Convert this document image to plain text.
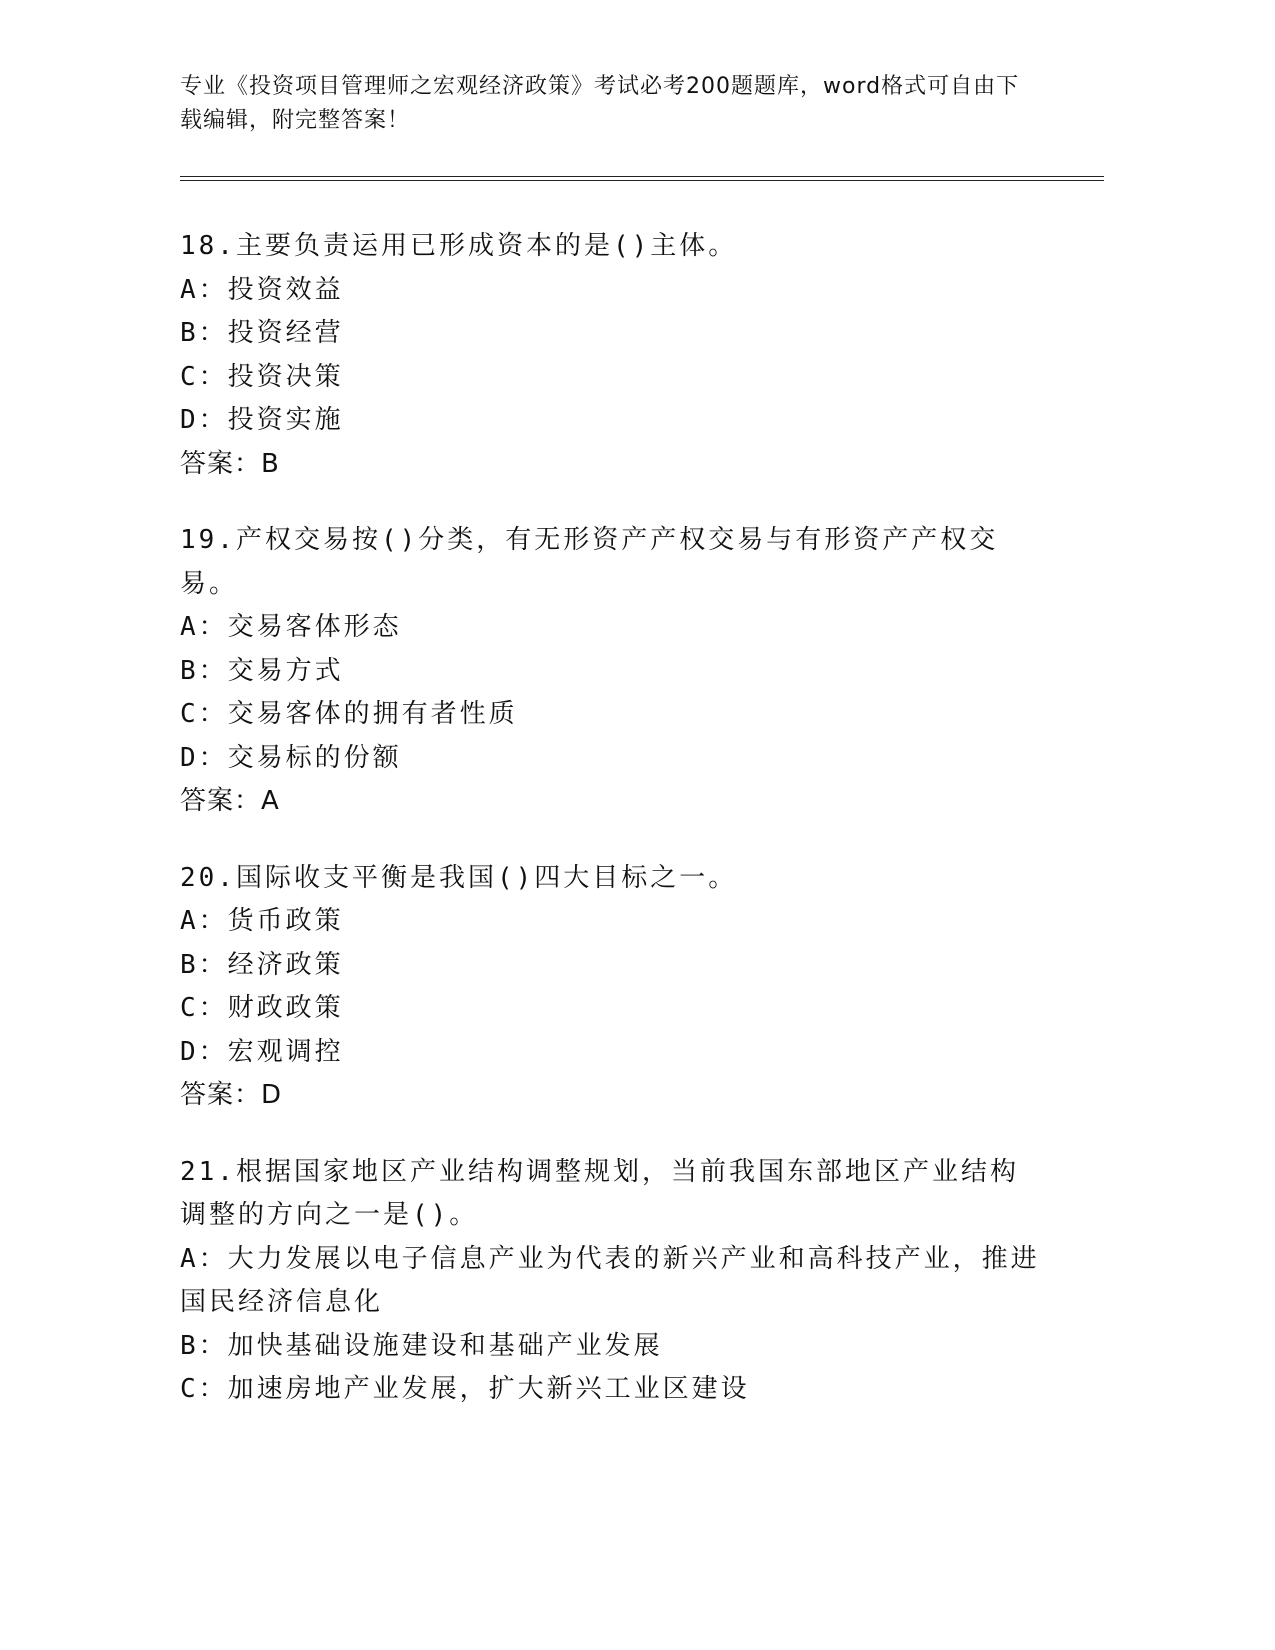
专业《投资项目管理师之宏观经济政策》考试必考200题题库，word格式可自由下载编辑，附完整答案！
18.主要负责运用已形成资本的是()主体。
A：投资效益
B：投资经营
C：投资决策
D：投资实施
答案：B
19.产权交易按()分类，有无形资产产权交易与有形资产产权交易。
A：交易客体形态
B：交易方式
C：交易客体的拥有者性质
D：交易标的份额
答案：A
20.国际收支平衡是我国()四大目标之一。
A：货币政策
B：经济政策
C：财政政策
D：宏观调控
答案：D
21.根据国家地区产业结构调整规划，当前我国东部地区产业结构调整的方向之一是()。
A：大力发展以电子信息产业为代表的新兴产业和高科技产业，推进国民经济信息化
B：加快基础设施建设和基础产业发展
C：加速房地产业发展，扩大新兴工业区建设
